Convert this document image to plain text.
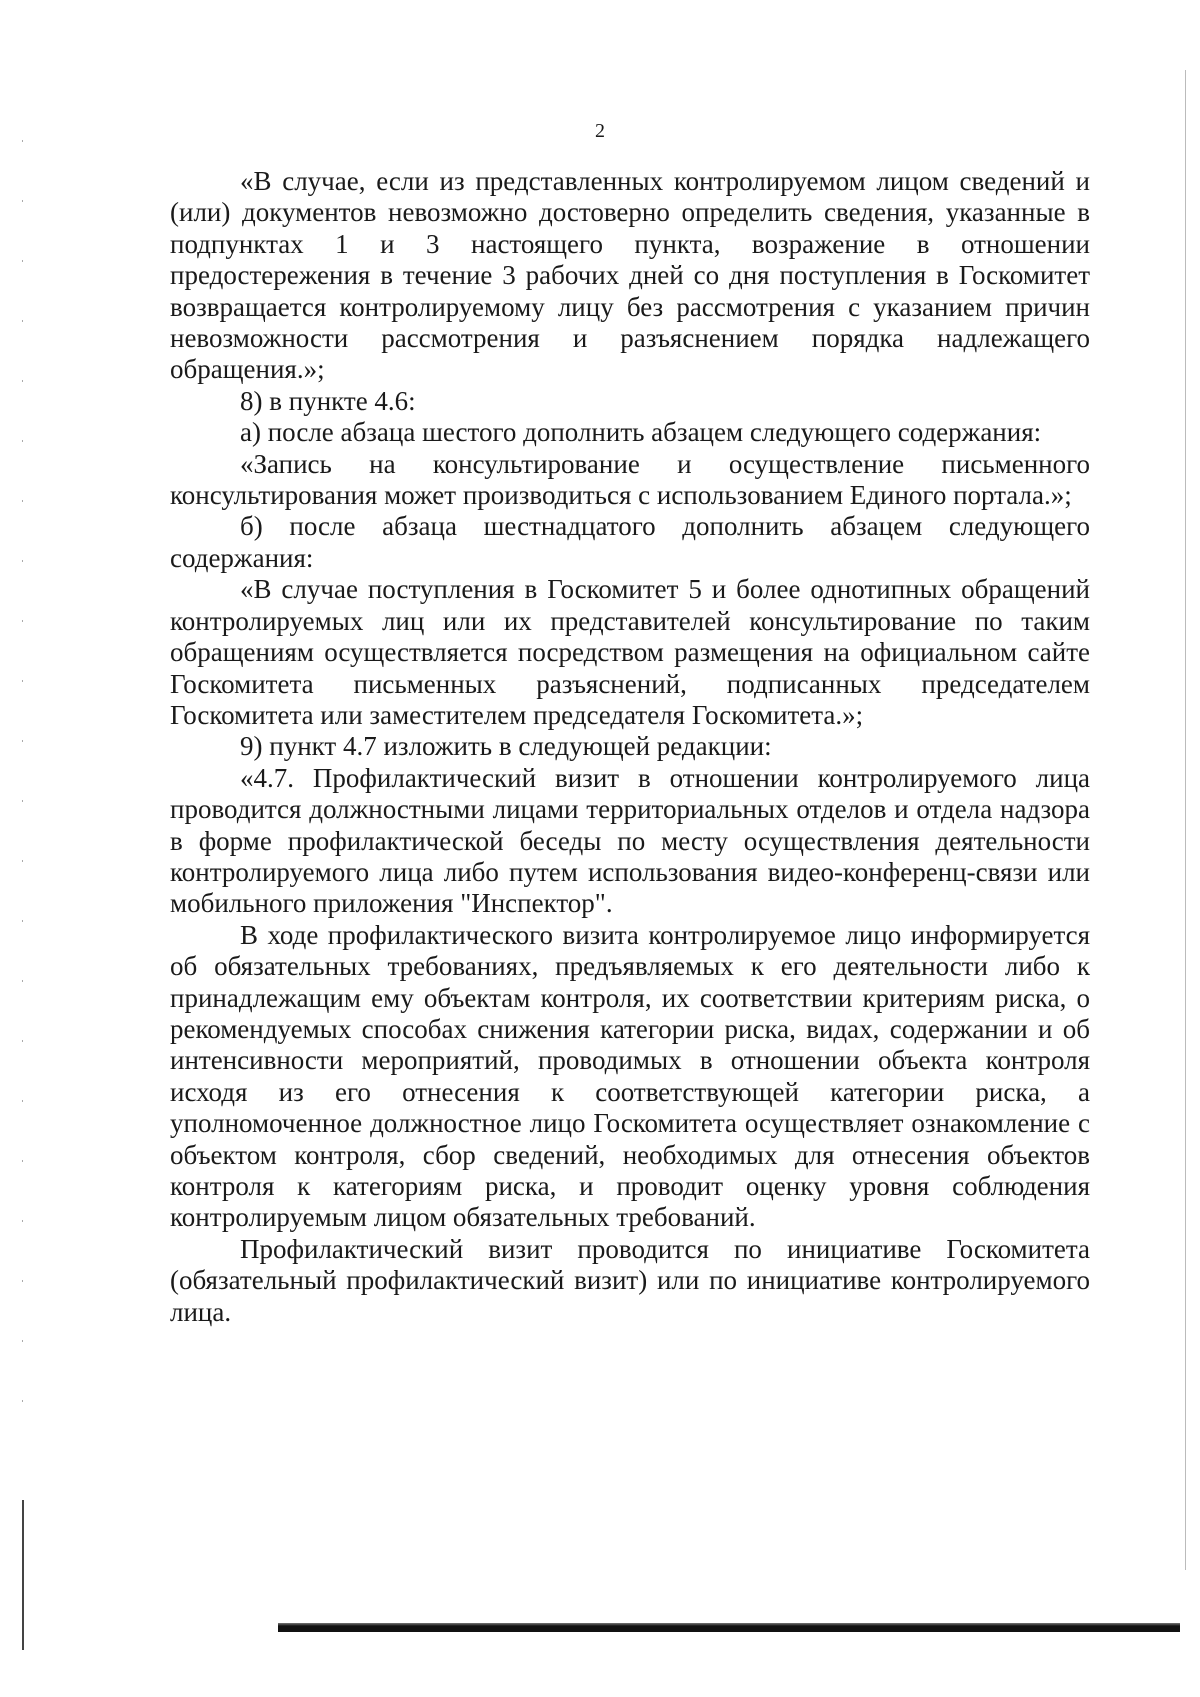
2

«В случае, если из представленных контролируемом лицом сведений и (или) документов невозможно достоверно определить сведения, указанные в подпунктах 1 и 3 настоящего пункта, возражение в отношении предостережения в течение 3 рабочих дней со дня поступления в Госкомитет возвращается контролируемому лицу без рассмотрения с указанием причин невозможности рассмотрения и разъяснением порядка надлежащего обращения.»;

8) в пункте 4.6:

а) после абзаца шестого дополнить абзацем следующего содержания:

«Запись на консультирование и осуществление письменного консультирования может производиться с использованием Единого портала.»;

б) после абзаца шестнадцатого дополнить абзацем следующего содержания:

«В случае поступления в Госкомитет 5 и более однотипных обращений контролируемых лиц или их представителей консультирование по таким обращениям осуществляется посредством размещения на официальном сайте Госкомитета письменных разъяснений, подписанных председателем Госкомитета или заместителем председателя Госкомитета.»;

9) пункт 4.7 изложить в следующей редакции:

«4.7. Профилактический визит в отношении контролируемого лица проводится должностными лицами территориальных отделов и отдела надзора в форме профилактической беседы по месту осуществления деятельности контролируемого лица либо путем использования видео-конференц-связи или мобильного приложения "Инспектор".

В ходе профилактического визита контролируемое лицо информируется об обязательных требованиях, предъявляемых к его деятельности либо к принадлежащим ему объектам контроля, их соответствии критериям риска, о рекомендуемых способах снижения категории риска, видах, содержании и об интенсивности мероприятий, проводимых в отношении объекта контроля исходя из его отнесения к соответствующей категории риска, а уполномоченное должностное лицо Госкомитета осуществляет ознакомление с объектом контроля, сбор сведений, необходимых для отнесения объектов контроля к категориям риска, и проводит оценку уровня соблюдения контролируемым лицом обязательных требований.

Профилактический визит проводится по инициативе Госкомитета (обязательный профилактический визит) или по инициативе контролируемого лица.
